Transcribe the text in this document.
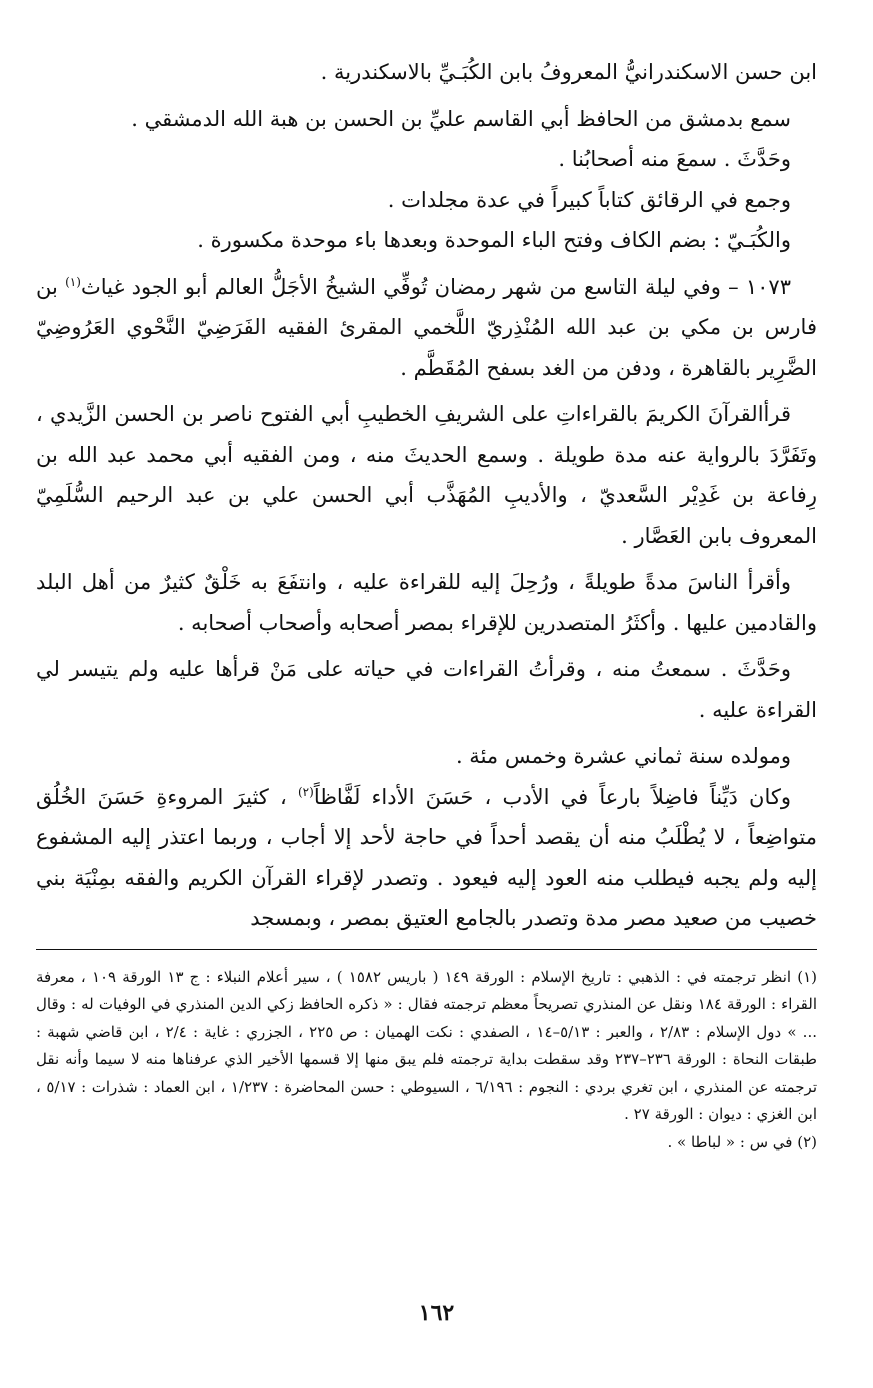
ابن حسن الاسكندرانيُّ المعروفُ بابن الكُبَـيِّ بالاسكندرية .

سمع بدمشق من الحافظ أبي القاسم عليِّ بن الحسن بن هبة الله الدمشقي .

وحَدَّثَ . سمعَ منه أصحابُنا .

وجمع في الرقائق كتاباً كبيراً في عدة مجلدات .

والكُبَـيّ : بضم الكاف وفتح الباء الموحدة وبعدها باء موحدة مكسورة .

١٠٧٣ – وفي ليلة التاسع من شهر رمضان تُوفِّي الشيخُ الأجَلُّ العالم أبو الجود غياث$^{(١)}$ بن فارس بن مكي بن عبد الله المُنْذِريّ اللَّخمي المقرئ الفقيه الفَرَضِيّ النَّحْوي العَرُوضِيّ الضَّرِير بالقاهرة ، ودفن من الغد بسفح المُقَطَّم .

قرأالقرآنَ الكريمَ بالقراءاتِ على الشريفِ الخطيبِ أبي الفتوح ناصر بن الحسن الزَّيدي ، وتَفَرَّدَ بالرواية عنه مدة طويلة . وسمع الحديثَ منه ، ومن الفقيه أبي محمد عبد الله بن رِفاعة بن غَدِيْر السَّعديّ ، والأديبِ المُهَذَّب أبي الحسن علي بن عبد الرحيم السُّلَمِيّ المعروف بابن العَصَّار .

وأقرأ الناسَ مدةً طويلةً ، ورُحِلَ إليه للقراءة عليه ، وانتفَعَ به خَلْقٌ كثيرٌ من أهل البلد والقادمين عليها . وأكثَرُ المتصدرين للإقراء بمصر أصحابه وأصحاب أصحابه .

وحَدَّثَ . سمعتُ منه ، وقرأتُ القراءات في حياته على مَنْ قرأها عليه ولم يتيسر لي القراءة عليه .

ومولده سنة ثماني عشرة وخمس مئة .

وكان دَيِّناً فاضِلاً بارعاً في الأدب ، حَسَنَ الأداء لَفَّاظاً$^{(٢)}$ ، كثيرَ المروءةِ حَسَنَ الخُلُق متواضِعاً ، لا يُطْلَبُ منه أن يقصد أحداً في حاجة لأحد إلا أجاب ، وربما اعتذر إليه المشفوع إليه ولم يجبه فيطلب منه العود إليه فيعود . وتصدر لإقراء القرآن الكريم والفقه بمِنْيَة بني خصيب من صعيد مصر مدة وتصدر بالجامع العتيق بمصر ، وبمسجد

(١) انظر ترجمته في : الذهبي : تاريخ الإسلام : الورقة ١٤٩ ( باريس ١٥٨٢ ) ، سير أعلام النبلاء : ج ١٣ الورقة ١٠٩ ، معرفة القراء : الورقة ١٨٤ ونقل عن المنذري تصريحاً معظم ترجمته فقال : « ذكره الحافظ زكي الدين المنذري في الوفيات له : وقال ... » دول الإسلام : ٢/٨٣ ، والعبر : ٥/١٣–١٤ ، الصفدي : نكت الهميان : ص ٢٢٥ ، الجزري : غاية : ٢/٤ ، ابن قاضي شهبة : طبقات النحاة : الورقة ٢٣٦–٢٣٧ وقد سقطت بداية ترجمته فلم يبق منها إلا قسمها الأخير الذي عرفناها منه لا سيما وأنه نقل ترجمته عن المنذري ، ابن تغري بردي : النجوم : ٦/١٩٦ ، السيوطي : حسن المحاضرة : ١/٢٣٧ ، ابن العماد : شذرات : ٥/١٧ ، ابن الغزي : ديوان : الورقة ٢٧ .

(٢) في س : « لباطا » .

١٦٢
